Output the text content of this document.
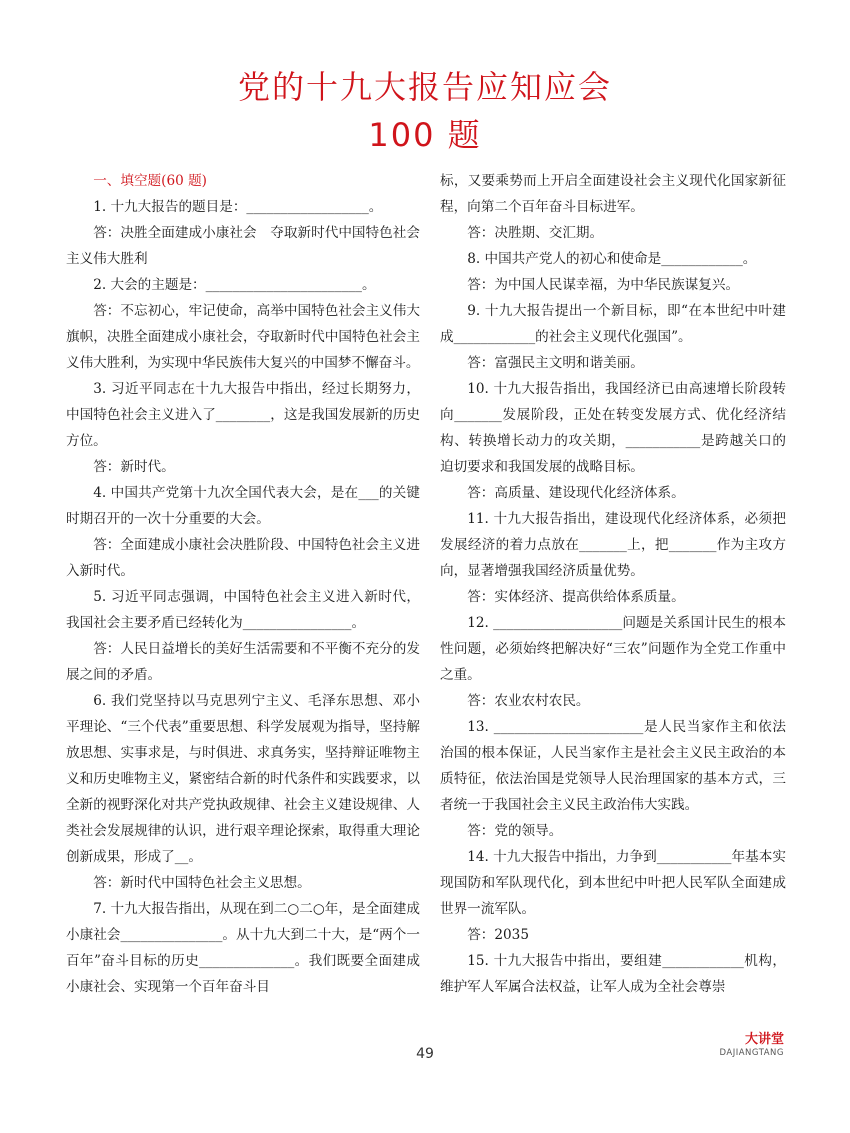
党的十九大报告应知应会
100 题

一、填空题(60 题)

1. 十九大报告的题目是：__________________。

答：决胜全面建成小康社会　夺取新时代中国特色社会主义伟大胜利

2. 大会的主题是：_______________________。

答：不忘初心，牢记使命，高举中国特色社会主义伟大旗帜，决胜全面建成小康社会，夺取新时代中国特色社会主义伟大胜利，为实现中华民族伟大复兴的中国梦不懈奋斗。

3. 习近平同志在十九大报告中指出，经过长期努力，中国特色社会主义进入了________，这是我国发展新的历史方位。

答：新时代。

4. 中国共产党第十九次全国代表大会，是在___的关键时期召开的一次十分重要的大会。

答：全面建成小康社会决胜阶段、中国特色社会主义进入新时代。

5. 习近平同志强调，中国特色社会主义进入新时代，我国社会主要矛盾已经转化为________________。

答：人民日益增长的美好生活需要和不平衡不充分的发展之间的矛盾。

6. 我们党坚持以马克思列宁主义、毛泽东思想、邓小平理论、“三个代表”重要思想、科学发展观为指导，坚持解放思想、实事求是，与时俱进、求真务实，坚持辩证唯物主义和历史唯物主义，紧密结合新的时代条件和实践要求，以全新的视野深化对共产党执政规律、社会主义建设规律、人类社会发展规律的认识，进行艰辛理论探索，取得重大理论创新成果，形成了__。

答：新时代中国特色社会主义思想。

7. 十九大报告指出，从现在到二○二○年，是全面建成小康社会_______________。从十九大到二十大，是“两个一百年”奋斗目标的历史______________。我们既要全面建成小康社会、实现第一个百年奋斗目

标，又要乘势而上开启全面建设社会主义现代化国家新征程，向第二个百年奋斗目标进军。

答：决胜期、交汇期。

8. 中国共产党人的初心和使命是____________。

答：为中国人民谋幸福，为中华民族谋复兴。

9. 十九大报告提出一个新目标，即“在本世纪中叶建成____________的社会主义现代化强国”。

答：富强民主文明和谐美丽。

10. 十九大报告指出，我国经济已由高速增长阶段转向_______发展阶段，正处在转变发展方式、优化经济结构、转换增长动力的攻关期，___________是跨越关口的迫切要求和我国发展的战略目标。

答：高质量、建设现代化经济体系。

11. 十九大报告指出，建设现代化经济体系，必须把发展经济的着力点放在_______上，把_______作为主攻方向，显著增强我国经济质量优势。

答：实体经济、提高供给体系质量。

12. ___________________问题是关系国计民生的根本性问题，必须始终把解决好“三农”问题作为全党工作重中之重。

答：农业农村农民。

13. ______________________是人民当家作主和依法治国的根本保证，人民当家作主是社会主义民主政治的本质特征，依法治国是党领导人民治理国家的基本方式，三者统一于我国社会主义民主政治伟大实践。

答：党的领导。

14. 十九大报告中指出，力争到___________年基本实现国防和军队现代化，到本世纪中叶把人民军队全面建成世界一流军队。

答：2035

15. 十九大报告中指出，要组建____________机构，维护军人军属合法权益，让军人成为全社会尊崇

大讲堂
DAJIANGTANG
49
